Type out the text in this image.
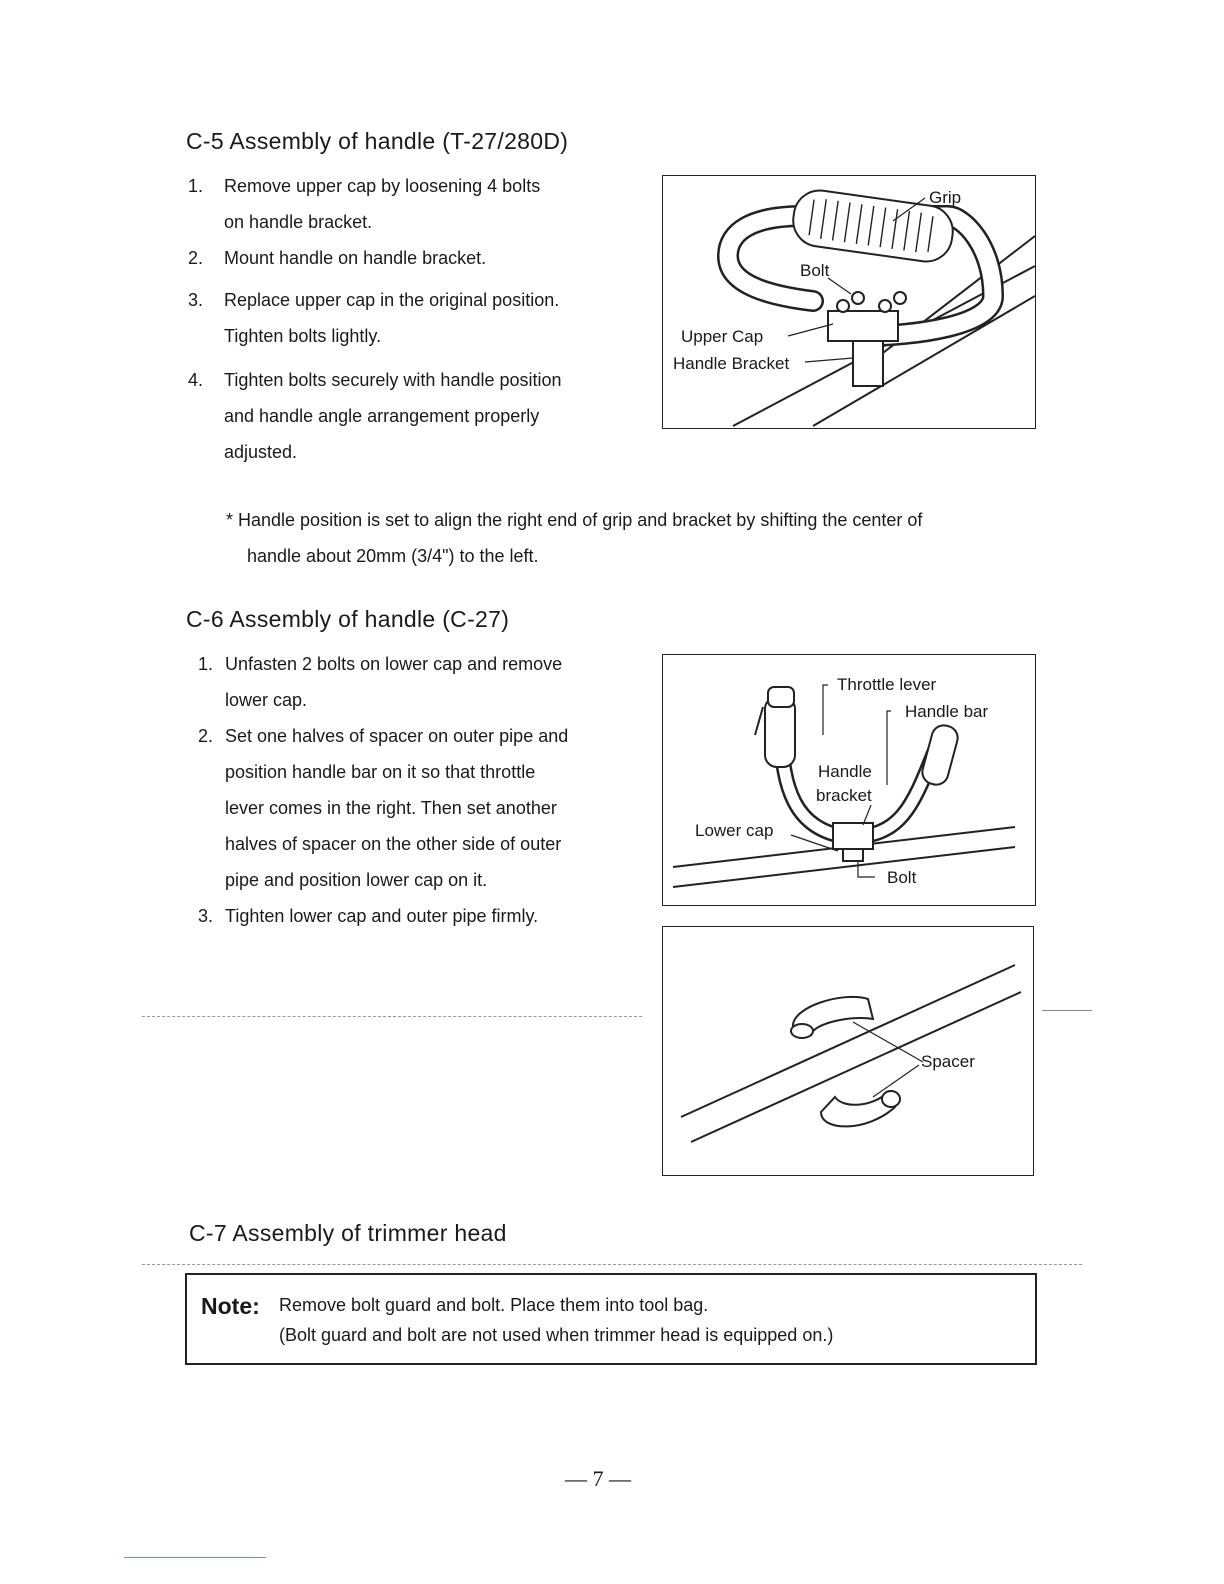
C-5 Assembly of handle (T-27/280D)
1. Remove upper cap by loosening 4 bolts
on handle bracket.
2. Mount handle on handle bracket.
3. Replace upper cap in the original position.
Tighten bolts lightly.
4. Tighten bolts securely with handle position
and handle angle arrangement properly
adjusted.
Grip
Bolt
Upper Cap
Handle Bracket
* Handle position is set to align the right end of grip and bracket by shifting the center of
handle about 20mm (3/4") to the left.
C-6 Assembly of handle (C-27)
1. Unfasten 2 bolts on lower cap and remove
lower cap.
2. Set one halves of spacer on outer pipe and
position handle bar on it so that throttle
lever comes in the right. Then set another
halves of spacer on the other side of outer
pipe and position lower cap on it.
3. Tighten lower cap and outer pipe firmly.
Throttle lever
Handle bar
Handle
bracket
Lower cap
Bolt
Spacer
C-7 Assembly of trimmer head
Note: Remove bolt guard and bolt. Place them into tool bag.
(Bolt guard and bolt are not used when trimmer head is equipped on.)
— 7 —
